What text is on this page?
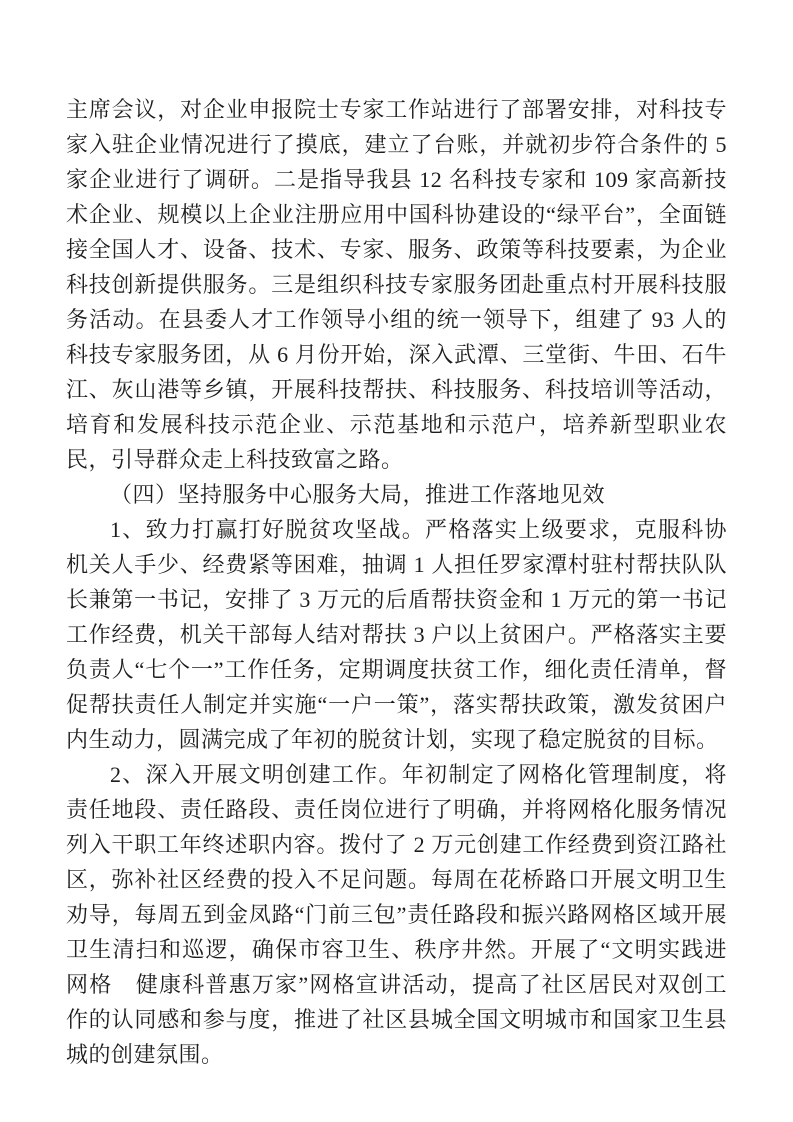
主席会议，对企业申报院士专家工作站进行了部署安排，对科技专家入驻企业情况进行了摸底，建立了台账，并就初步符合条件的 5 家企业进行了调研。二是指导我县 12 名科技专家和 109 家高新技术企业、规模以上企业注册应用中国科协建设的“绿平台”，全面链接全国人才、设备、技术、专家、服务、政策等科技要素，为企业科技创新提供服务。三是组织科技专家服务团赴重点村开展科技服务活动。在县委人才工作领导小组的统一领导下，组建了 93 人的科技专家服务团，从 6 月份开始，深入武潭、三堂街、牛田、石牛江、灰山港等乡镇，开展科技帮扶、科技服务、科技培训等活动，培育和发展科技示范企业、示范基地和示范户，培养新型职业农民，引导群众走上科技致富之路。

（四）坚持服务中心服务大局，推进工作落地见效

1、致力打赢打好脱贫攻坚战。严格落实上级要求，克服科协机关人手少、经费紧等困难，抽调 1 人担任罗家潭村驻村帮扶队队长兼第一书记，安排了 3 万元的后盾帮扶资金和 1 万元的第一书记工作经费，机关干部每人结对帮扶 3 户以上贫困户。严格落实主要负责人“七个一”工作任务，定期调度扶贫工作，细化责任清单，督促帮扶责任人制定并实施“一户一策”，落实帮扶政策，激发贫困户内生动力，圆满完成了年初的脱贫计划，实现了稳定脱贫的目标。

2、深入开展文明创建工作。年初制定了网格化管理制度，将责任地段、责任路段、责任岗位进行了明确，并将网格化服务情况列入干职工年终述职内容。拨付了 2 万元创建工作经费到资江路社区，弥补社区经费的投入不足问题。每周在花桥路口开展文明卫生劝导，每周五到金凤路“门前三包”责任路段和振兴路网格区域开展卫生清扫和巡逻，确保市容卫生、秩序井然。开展了“文明实践进网格　健康科普惠万家”网格宣讲活动，提高了社区居民对双创工作的认同感和参与度，推进了社区县城全国文明城市和国家卫生县城的创建氛围。
